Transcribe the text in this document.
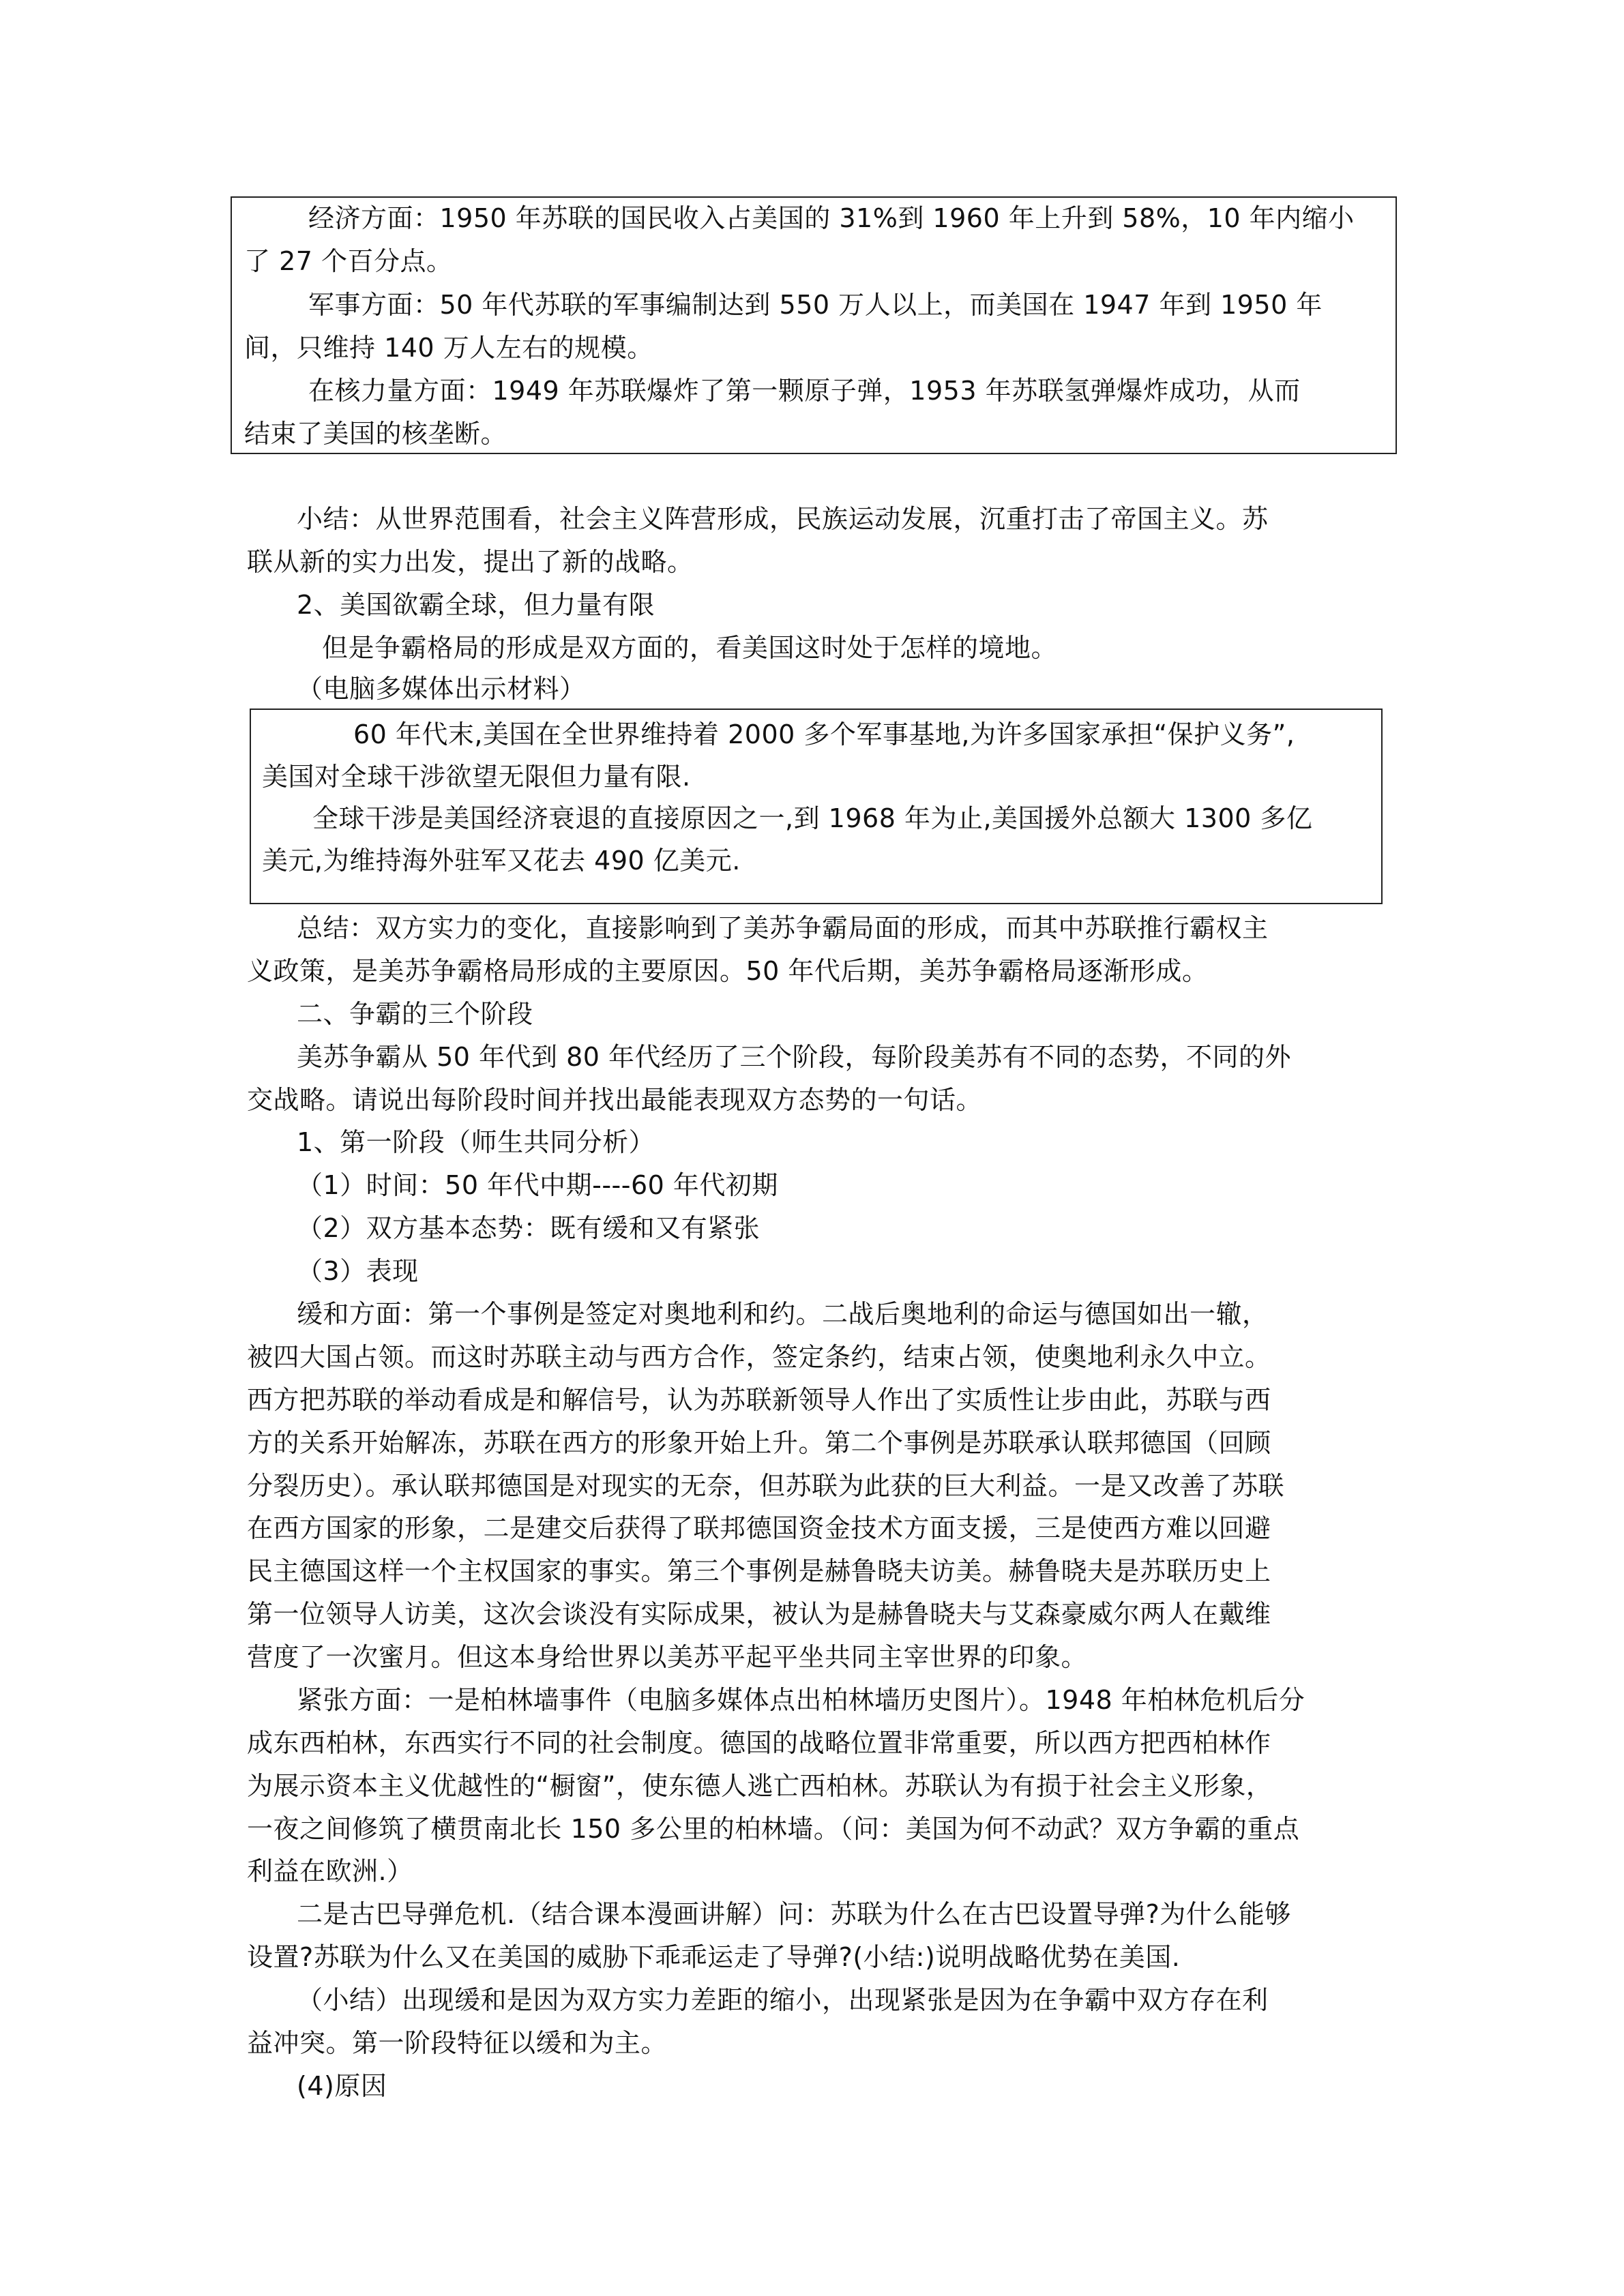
经济方面：1950 年苏联的国民收入占美国的 31%到 1960 年上升到 58%，10 年内缩小
了 27 个百分点。
军事方面：50 年代苏联的军事编制达到 550 万人以上，而美国在 1947 年到 1950 年
间，只维持 140 万人左右的规模。
在核力量方面：1949 年苏联爆炸了第一颗原子弹，1953 年苏联氢弹爆炸成功，从而
结束了美国的核垄断。
小结：从世界范围看，社会主义阵营形成，民族运动发展，沉重打击了帝国主义。苏
联从新的实力出发，提出了新的战略。
2、美国欲霸全球，但力量有限
但是争霸格局的形成是双方面的，看美国这时处于怎样的境地。
（电脑多媒体出示材料）
60 年代末,美国在全世界维持着 2000 多个军事基地,为许多国家承担“保护义务”,
美国对全球干涉欲望无限但力量有限.
全球干涉是美国经济衰退的直接原因之一,到 1968 年为止,美国援外总额大 1300 多亿
美元,为维持海外驻军又花去 490 亿美元.
总结：双方实力的变化，直接影响到了美苏争霸局面的形成，而其中苏联推行霸权主
义政策，是美苏争霸格局形成的主要原因。50 年代后期，美苏争霸格局逐渐形成。
二、争霸的三个阶段
美苏争霸从 50 年代到 80 年代经历了三个阶段，每阶段美苏有不同的态势，不同的外
交战略。请说出每阶段时间并找出最能表现双方态势的一句话。
1、第一阶段（师生共同分析）
（1）时间：50 年代中期----60 年代初期
（2）双方基本态势：既有缓和又有紧张
（3）表现
缓和方面：第一个事例是签定对奥地利和约。二战后奥地利的命运与德国如出一辙，
被四大国占领。而这时苏联主动与西方合作，签定条约，结束占领，使奥地利永久中立。
西方把苏联的举动看成是和解信号，认为苏联新领导人作出了实质性让步由此，苏联与西
方的关系开始解冻，苏联在西方的形象开始上升。第二个事例是苏联承认联邦德国（回顾
分裂历史）。承认联邦德国是对现实的无奈，但苏联为此获的巨大利益。一是又改善了苏联
在西方国家的形象，二是建交后获得了联邦德国资金技术方面支援，三是使西方难以回避
民主德国这样一个主权国家的事实。第三个事例是赫鲁晓夫访美。赫鲁晓夫是苏联历史上
第一位领导人访美，这次会谈没有实际成果，被认为是赫鲁晓夫与艾森豪威尔两人在戴维
营度了一次蜜月。但这本身给世界以美苏平起平坐共同主宰世界的印象。
紧张方面：一是柏林墙事件（电脑多媒体点出柏林墙历史图片）。1948 年柏林危机后分
成东西柏林，东西实行不同的社会制度。德国的战略位置非常重要，所以西方把西柏林作
为展示资本主义优越性的“橱窗”，使东德人逃亡西柏林。苏联认为有损于社会主义形象，
一夜之间修筑了横贯南北长 150 多公里的柏林墙。（问：美国为何不动武？双方争霸的重点
利益在欧洲.）
二是古巴导弹危机.（结合课本漫画讲解）问：苏联为什么在古巴设置导弹?为什么能够
设置?苏联为什么又在美国的威胁下乖乖运走了导弹?(小结:)说明战略优势在美国.
（小结）出现缓和是因为双方实力差距的缩小，出现紧张是因为在争霸中双方存在利
益冲突。第一阶段特征以缓和为主。
(4)原因
